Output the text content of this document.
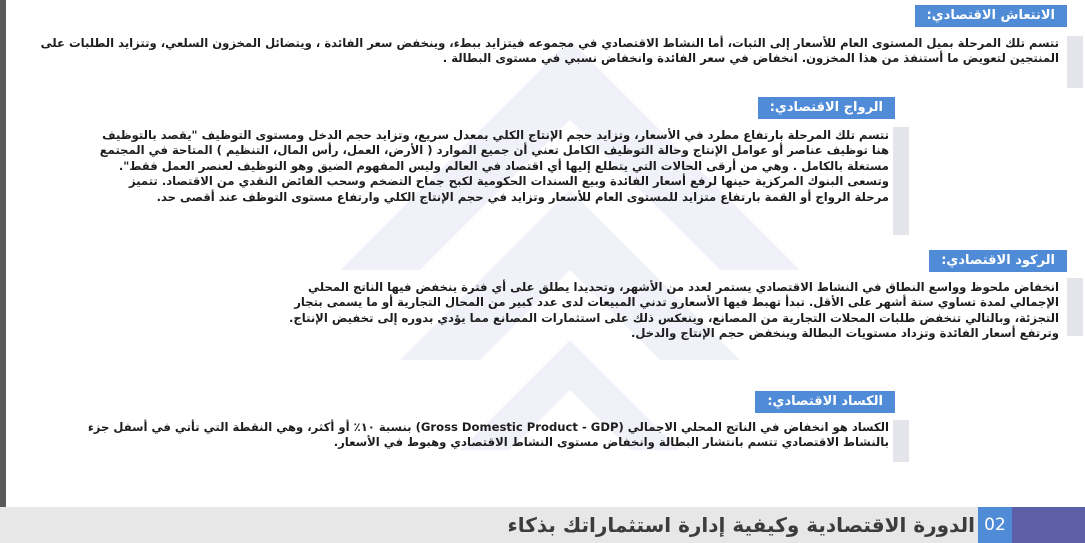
الانتعاش الاقتصادي:

تتسم تلك المرحلة بميل المستوى العام للأسعار إلى الثبات، أما النشاط الاقتصادي في مجموعه فيتزايد ببطء، وينخفض سعر الفائدة ، ويتضائل المخزون السلعي، وتتزايد الطلبات على المنتجين لتعويض ما أستنفذ من هذا المخزون. انخفاض في سعر الفائدة وانخفاض نسبي في مستوى البطالة .

الرواج الاقتصادي:

تتسم تلك المرحلة بارتفاع مطرد في الأسعار، وتزايد حجم الإنتاج الكلي بمعدل سريع، وتزايد حجم الدخل ومستوى التوظيف "يقصد بالتوظيف هنا توظيف عناصر أو عوامل الإنتاج وحالة التوظيف الكامل تعني أن جميع الموارد ( الأرض، العمل، رأس المال، التنظيم ) المتاحة في المجتمع مستغلة بالكامل . وهي من أرقى الحالات التي يتطلع إليها أي اقتصاد في العالم وليس المفهوم الضيق وهو التوظيف لعنصر العمل فقط". وتسعى البنوك المركزية حينها لرفع أسعار الفائدة وبيع السندات الحكومية لكبح جماح التضخم وسحب الفائض النقدي من الاقتصاد. تتميز مرحلة الرواج أو القمة بارتفاع متزايد للمستوى العام للأسعار وتزايد في حجم الإنتاج الكلي وارتفاع مستوى التوظف عند أقصى حد.

الركود الاقتصادي:

انخفاض ملحوظ وواسع النطاق في النشاط الاقتصادي يستمر لعدد من الأشهر، وتحديدا يطلق على أي فترة ينخفض فيها الناتج المحلي الإجمالي لمدة تساوي ستة أشهر على الأقل. تبدأ تهبط فيها الأسعارو تدني المبيعات لدى عدد كبير من المحال التجارية أو ما يسمى بتجار التجزئة، وبالتالي تنخفض طلبات المحلات التجارية من المصانع، وينعكس ذلك على استثمارات المصانع مما يؤدي بدوره إلى تخفيض الإنتاج. وترتفع أسعار الفائدة وتزداد مستويات البطالة وينخفض حجم الإنتاج والدخل.

الكساد الاقتصادي:

الكساد هو انخفاض في الناتج المحلي الاجمالي (Gross Domestic Product - GDP) بنسبة ١٠٪ أو أكثر، وهي النقطة التي تأتي في أسفل جزء بالنشاط الاقتصادي تتسم بانتشار البطالة وانخفاض مستوى النشاط الاقتصادي وهبوط في الأسعار.

الدورة الاقتصادية وكيفية إدارة استثماراتك بذكاء 02
